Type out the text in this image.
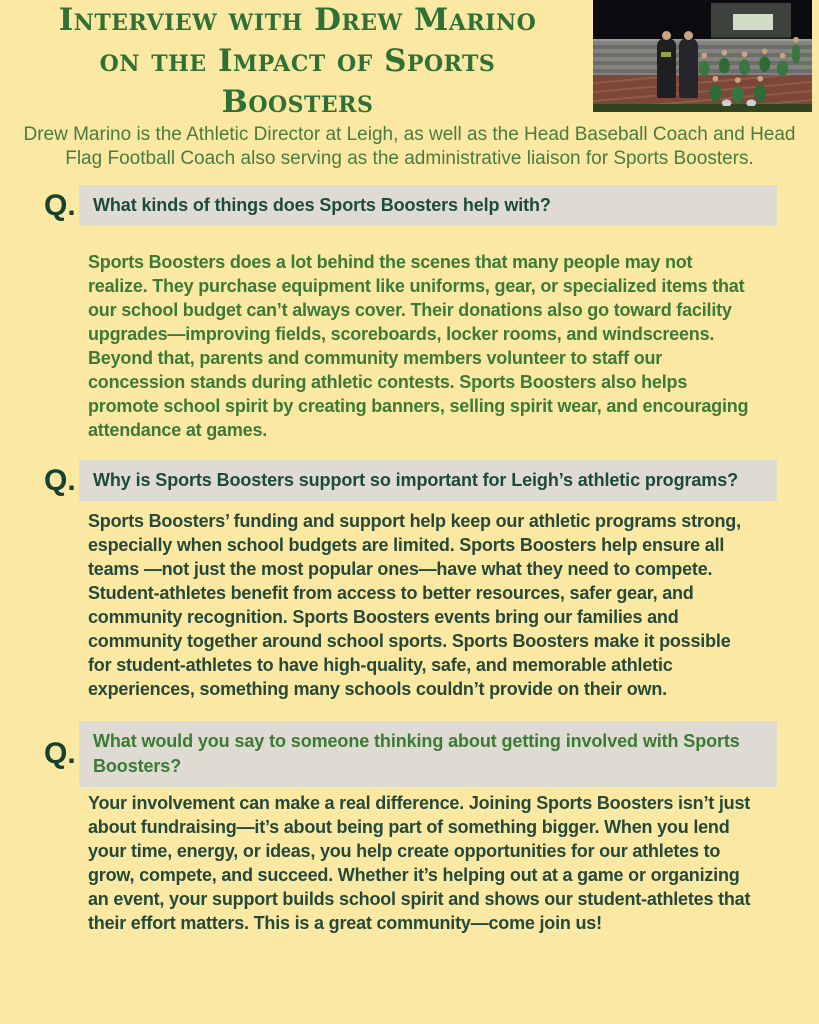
Interview with Drew Marino
on the Impact of Sports
Boosters
Drew Marino is the Athletic Director at Leigh, as well as the Head Baseball Coach and Head
Flag Football Coach also serving as the administrative liaison for Sports Boosters.
Q. What kinds of things does Sports Boosters help with?

Sports Boosters does a lot behind the scenes that many people may not realize. They purchase equipment like uniforms, gear, or specialized items that our school budget can’t always cover. Their donations also go toward facility upgrades—improving fields, scoreboards, locker rooms, and windscreens. Beyond that, parents and community members volunteer to staff our concession stands during athletic contests. Sports Boosters also helps promote school spirit by creating banners, selling spirit wear, and encouraging attendance at games.

Q. Why is Sports Boosters support so important for Leigh’s athletic programs?

Sports Boosters’ funding and support help keep our athletic programs strong, especially when school budgets are limited. Sports Boosters help ensure all teams —not just the most popular ones—have what they need to compete. Student-athletes benefit from access to better resources, safer gear, and community recognition. Sports Boosters events bring our families and community together around school sports. Sports Boosters make it possible for student-athletes to have high-quality, safe, and memorable athletic experiences, something many schools couldn’t provide on their own.

Q. What would you say to someone thinking about getting involved with Sports Boosters?

Your involvement can make a real difference. Joining Sports Boosters isn’t just about fundraising—it’s about being part of something bigger. When you lend your time, energy, or ideas, you help create opportunities for our athletes to grow, compete, and succeed. Whether it’s helping out at a game or organizing an event, your support builds school spirit and shows our student-athletes that their effort matters. This is a great community—come join us!
